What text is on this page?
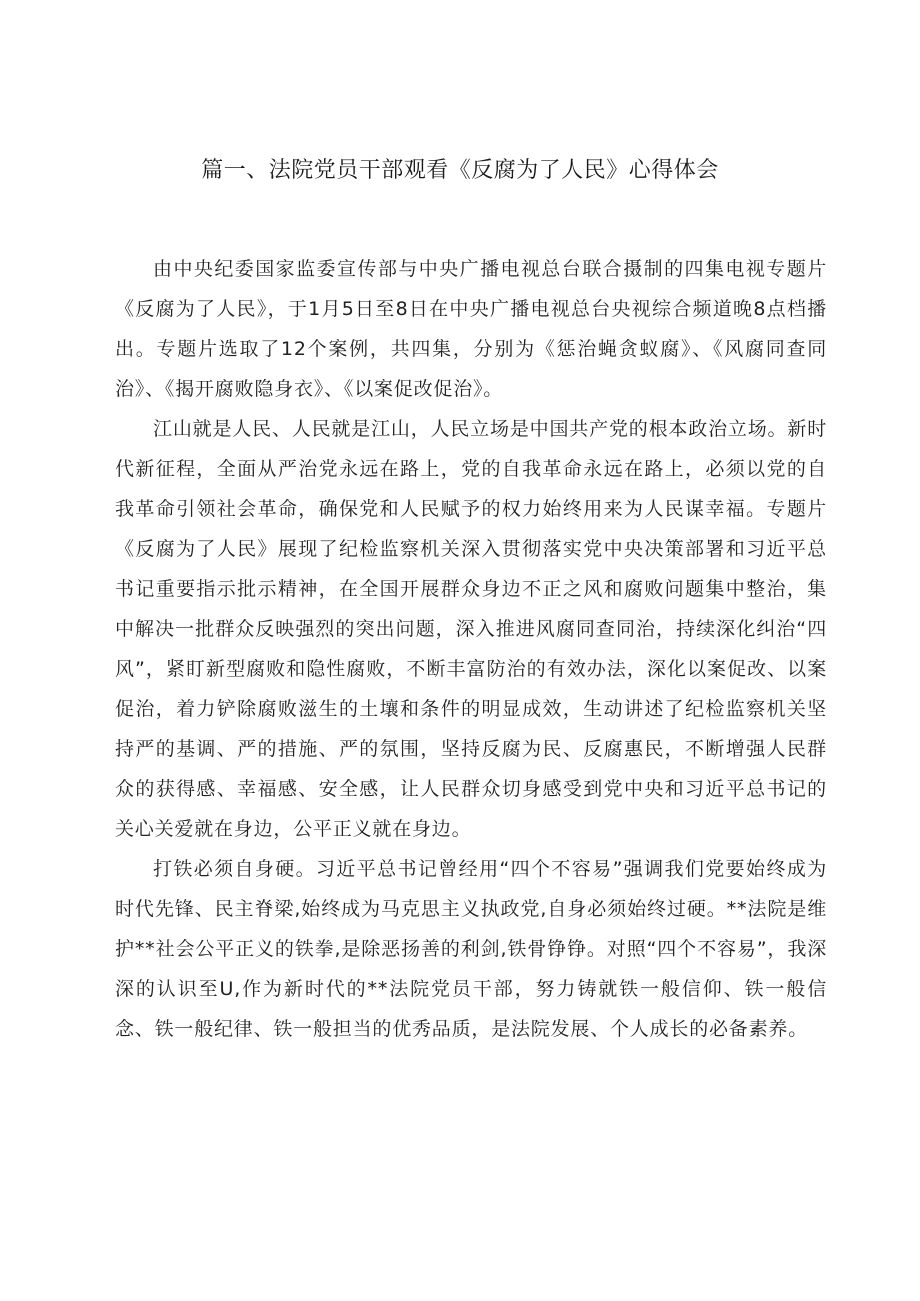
篇一、法院党员干部观看《反腐为了人民》心得体会

由中央纪委国家监委宣传部与中央广播电视总台联合摄制的四集电视专题片《反腐为了人民》，于1月5日至8日在中央广播电视总台央视综合频道晚8点档播出。专题片选取了12个案例，共四集，分别为《惩治蝇贪蚁腐》、《风腐同查同治》、《揭开腐败隐身衣》、《以案促改促治》。

江山就是人民、人民就是江山，人民立场是中国共产党的根本政治立场。新时代新征程，全面从严治党永远在路上，党的自我革命永远在路上，必须以党的自我革命引领社会革命，确保党和人民赋予的权力始终用来为人民谋幸福。专题片《反腐为了人民》展现了纪检监察机关深入贯彻落实党中央决策部署和习近平总书记重要指示批示精神，在全国开展群众身边不正之风和腐败问题集中整治，集中解决一批群众反映强烈的突出问题，深入推进风腐同查同治，持续深化纠治“四风”，紧盯新型腐败和隐性腐败，不断丰富防治的有效办法，深化以案促改、以案促治，着力铲除腐败滋生的土壤和条件的明显成效，生动讲述了纪检监察机关坚持严的基调、严的措施、严的氛围，坚持反腐为民、反腐惠民，不断增强人民群众的获得感、幸福感、安全感，让人民群众切身感受到党中央和习近平总书记的关心关爱就在身边，公平正义就在身边。

打铁必须自身硬。习近平总书记曾经用“四个不容易”强调我们党要始终成为时代先锋、民主脊梁,始终成为马克思主义执政党,自身必须始终过硬。**法院是维护**社会公平正义的铁拳,是除恶扬善的利剑,铁骨铮铮。对照“四个不容易”，我深深的认识至U,作为新时代的**法院党员干部，努力铸就铁一般信仰、铁一般信念、铁一般纪律、铁一般担当的优秀品质，是法院发展、个人成长的必备素养。
